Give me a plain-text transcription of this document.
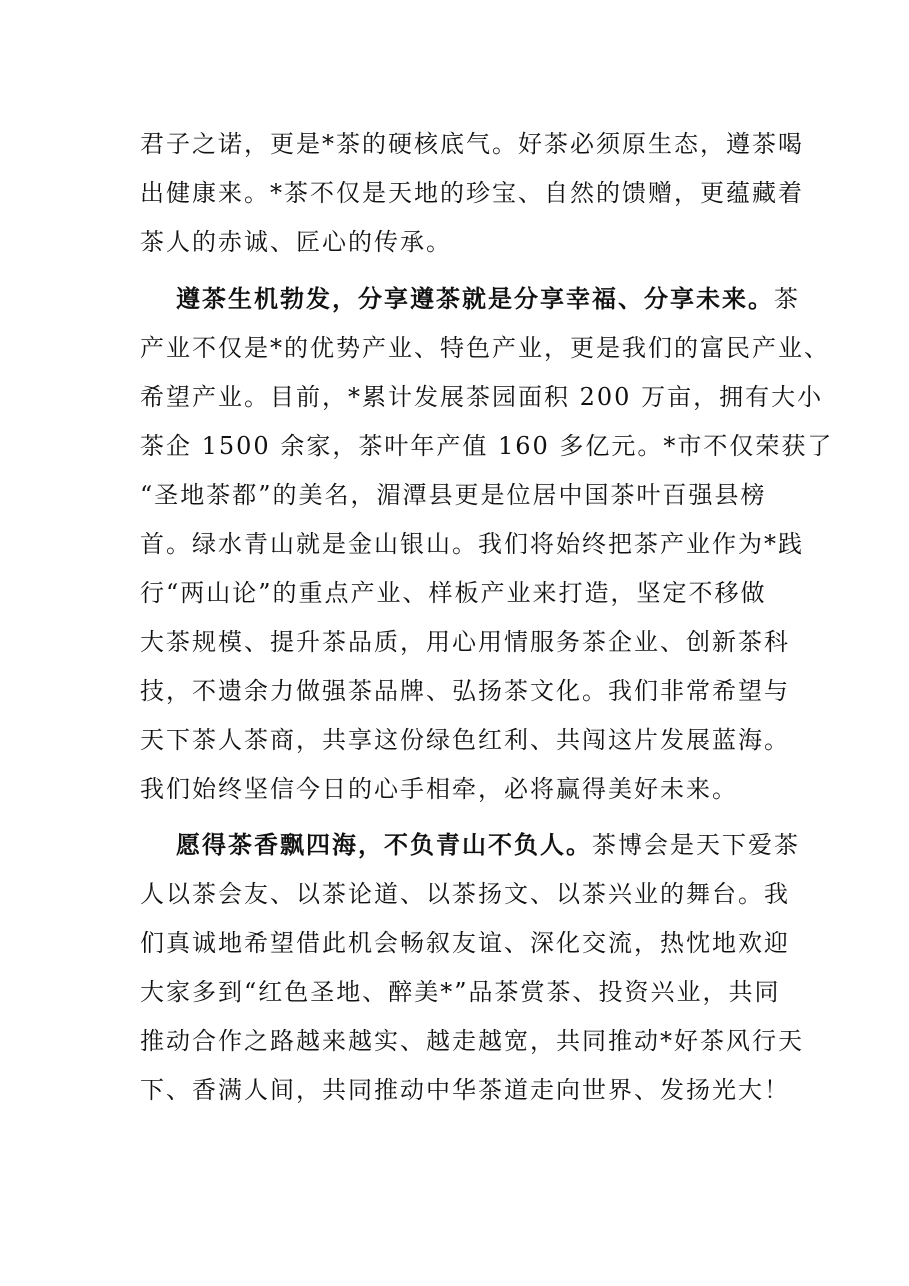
君子之诺，更是*茶的硬核底气。好茶必须原生态，遵茶喝
出健康来。*茶不仅是天地的珍宝、自然的馈赠，更蕴藏着
茶人的赤诚、匠心的传承。
遵茶生机勃发，分享遵茶就是分享幸福、分享未来。茶
产业不仅是*的优势产业、特色产业，更是我们的富民产业、
希望产业。目前，*累计发展茶园面积 200 万亩，拥有大小
茶企 1500 余家，茶叶年产值 160 多亿元。*市不仅荣获了
“圣地茶都”的美名，湄潭县更是位居中国茶叶百强县榜
首。绿水青山就是金山银山。我们将始终把茶产业作为*践
行“两山论”的重点产业、样板产业来打造，坚定不移做
大茶规模、提升茶品质，用心用情服务茶企业、创新茶科
技，不遗余力做强茶品牌、弘扬茶文化。我们非常希望与
天下茶人茶商，共享这份绿色红利、共闯这片发展蓝海。
我们始终坚信今日的心手相牵，必将赢得美好未来。
愿得茶香飘四海，不负青山不负人。茶博会是天下爱茶
人以茶会友、以茶论道、以茶扬文、以茶兴业的舞台。我
们真诚地希望借此机会畅叙友谊、深化交流，热忱地欢迎
大家多到“红色圣地、醉美*”品茶赏茶、投资兴业，共同
推动合作之路越来越实、越走越宽，共同推动*好茶风行天
下、香满人间，共同推动中华茶道走向世界、发扬光大！
